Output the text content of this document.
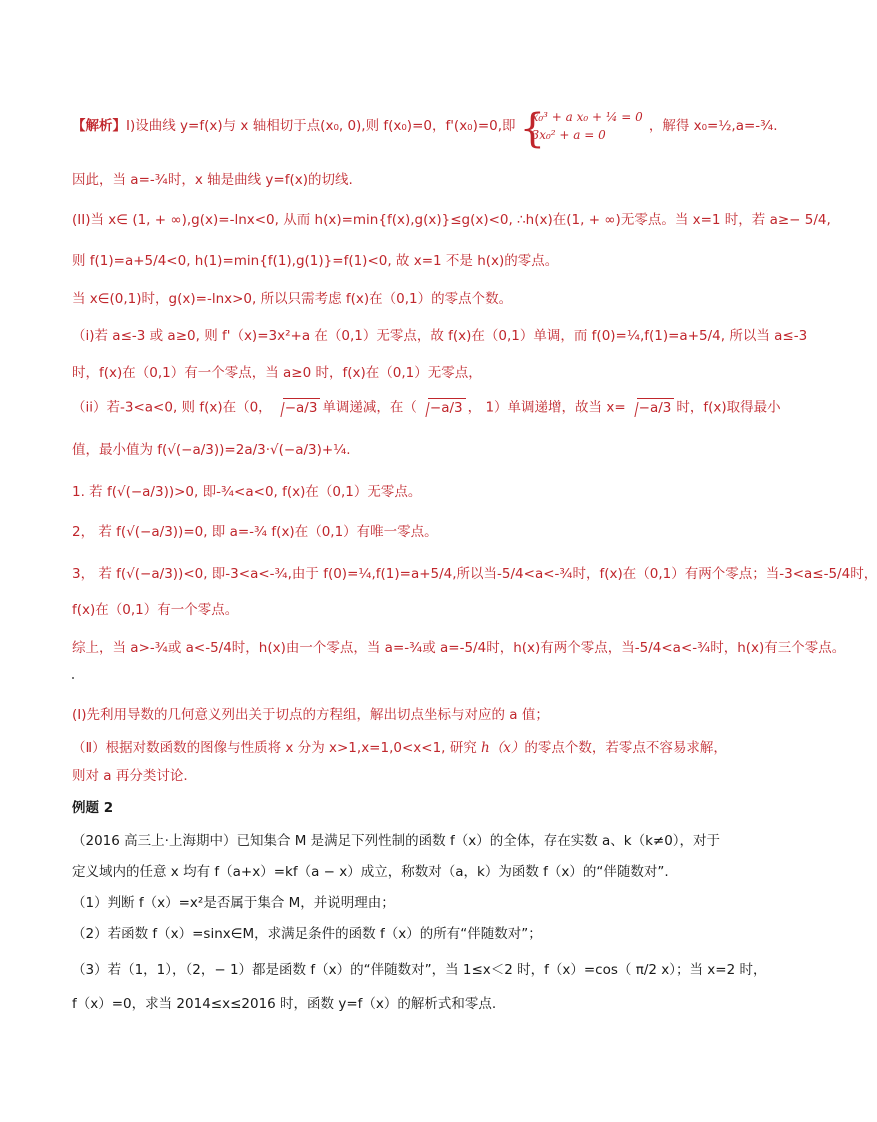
【解析】Ⅰ)设曲线 y=f(x)与 x 轴相切于点(x₀, 0),则 f(x₀)=0，f'(x₀)=0,即
{ x₀³ + a x₀ + ¼ = 0
3x₀² + a = 0
，解得 x₀=½,a=-¾.
因此，当 a=-¾时，x 轴是曲线 y=f(x)的切线.
(II)当 x∈ (1, + ∞),g(x)=-lnx<0, 从而 h(x)=min{f(x),g(x)}≤g(x)<0, ∴h(x)在(1, + ∞)无零点。当 x=1 时，若 a≥− 5/4,
则 f(1)=a+5/4<0, h(1)=min{f(1),g(1)}=f(1)<0, 故 x=1 不是 h(x)的零点。
当 x∈(0,1)时，g(x)=-lnx>0, 所以只需考虑 f(x)在（0,1）的零点个数。
（i)若 a≤-3 或 a≥0, 则 f'（x)=3x²+a 在（0,1）无零点，故 f(x)在（0,1）单调，而 f(0)=¼,f(1)=a+5/4, 所以当 a≤-3
时，f(x)在（0,1）有一个零点，当 a≥0 时，f(x)在（0,1）无零点，
（ii）若-3<a<0, 则 f(x)在（0， −a/3 单调递减，在（ −a/3 ， 1）单调递增，故当 x= −a/3 时，f(x)取得最小
值，最小值为 f(√(−a/3))=2a/3·√(−a/3)+¼.
1. 若 f(√(−a/3))>0, 即-¾<a<0, f(x)在（0,1）无零点。
2， 若 f(√(−a/3))=0, 即 a=-¾ f(x)在（0,1）有唯一零点。
3， 若 f(√(−a/3))<0, 即-3<a<-¾,由于 f(0)=¼,f(1)=a+5/4,所以当-5/4<a<-¾时，f(x)在（0,1）有两个零点；当-3<a≤-5/4时，
f(x)在（0,1）有一个零点。
综上，当 a>-¾或 a<-5/4时，h(x)由一个零点，当 a=-¾或 a=-5/4时，h(x)有两个零点，当-5/4<a<-¾时，h(x)有三个零点。
(I)先利用导数的几何意义列出关于切点的方程组，解出切点坐标与对应的 a 值；
（Ⅱ）根据对数函数的图像与性质将 x 分为 x>1,x=1,0<x<1, 研究 h（x）的零点个数，若零点不容易求解，
则对 a 再分类讨论.
例题 2
（2016 高三上·上海期中）已知集合 M 是满足下列性制的函数 f（x）的全体，存在实数 a、k（k≠0），对于
定义域内的任意 x 均有 f（a+x）=kf（a − x）成立，称数对（a，k）为函数 f（x）的“伴随数对”.
（1）判断 f（x）=x²是否属于集合 M，并说明理由；
（2）若函数 f（x）=sinx∈M，求满足条件的函数 f（x）的所有“伴随数对”；
（3）若（1，1），（2，− 1）都是函数 f（x）的“伴随数对”，当 1≤x＜2 时，f（x）=cos（ π/2 x）；当 x=2 时，
f（x）=0，求当 2014≤x≤2016 时，函数 y=f（x）的解析式和零点.
